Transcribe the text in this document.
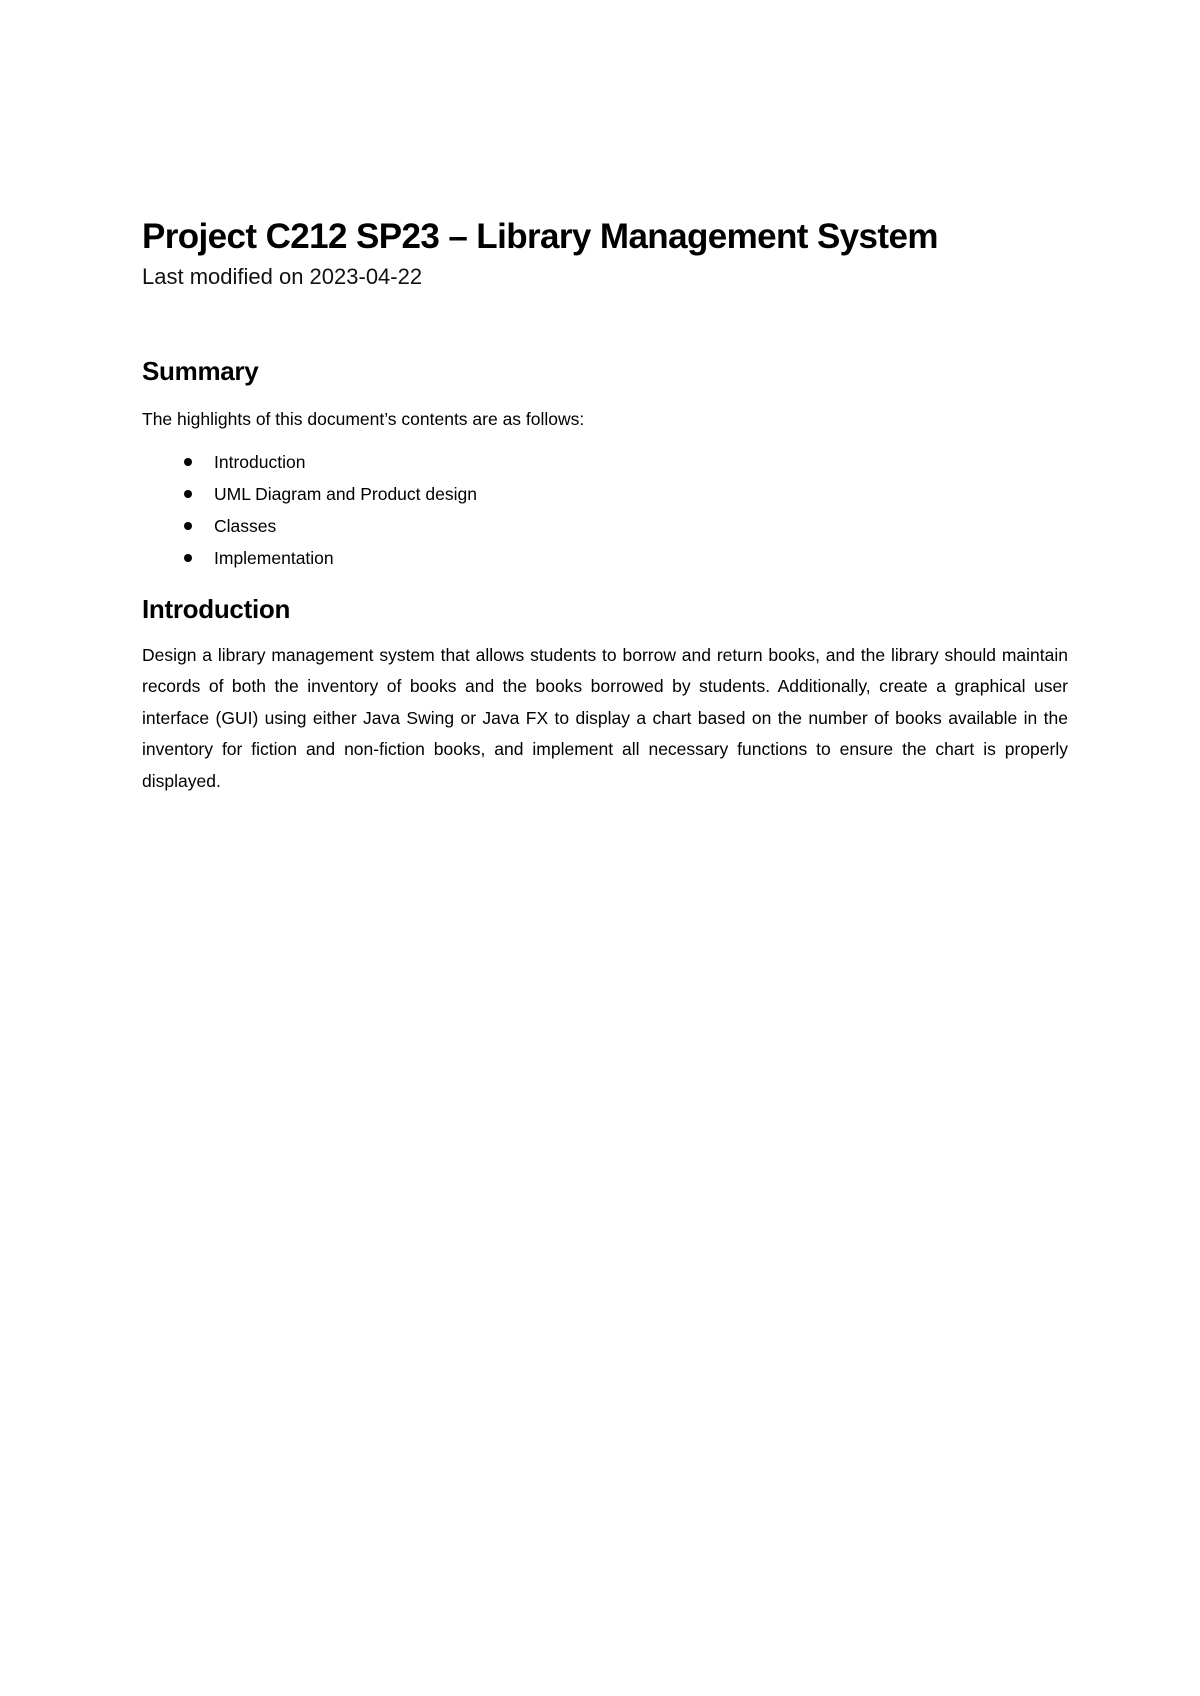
Project C212 SP23 – Library Management System

Last modified on 2023-04-22

Summary

The highlights of this document’s contents are as follows:

Introduction
UML Diagram and Product design
Classes
Implementation
Introduction

Design a library management system that allows students to borrow and return books, and the library should maintain records of both the inventory of books and the books borrowed by students. Additionally, create a graphical user interface (GUI) using either Java Swing or Java FX to display a chart based on the number of books available in the inventory for fiction and non-fiction books, and implement all necessary functions to ensure the chart is properly displayed.
